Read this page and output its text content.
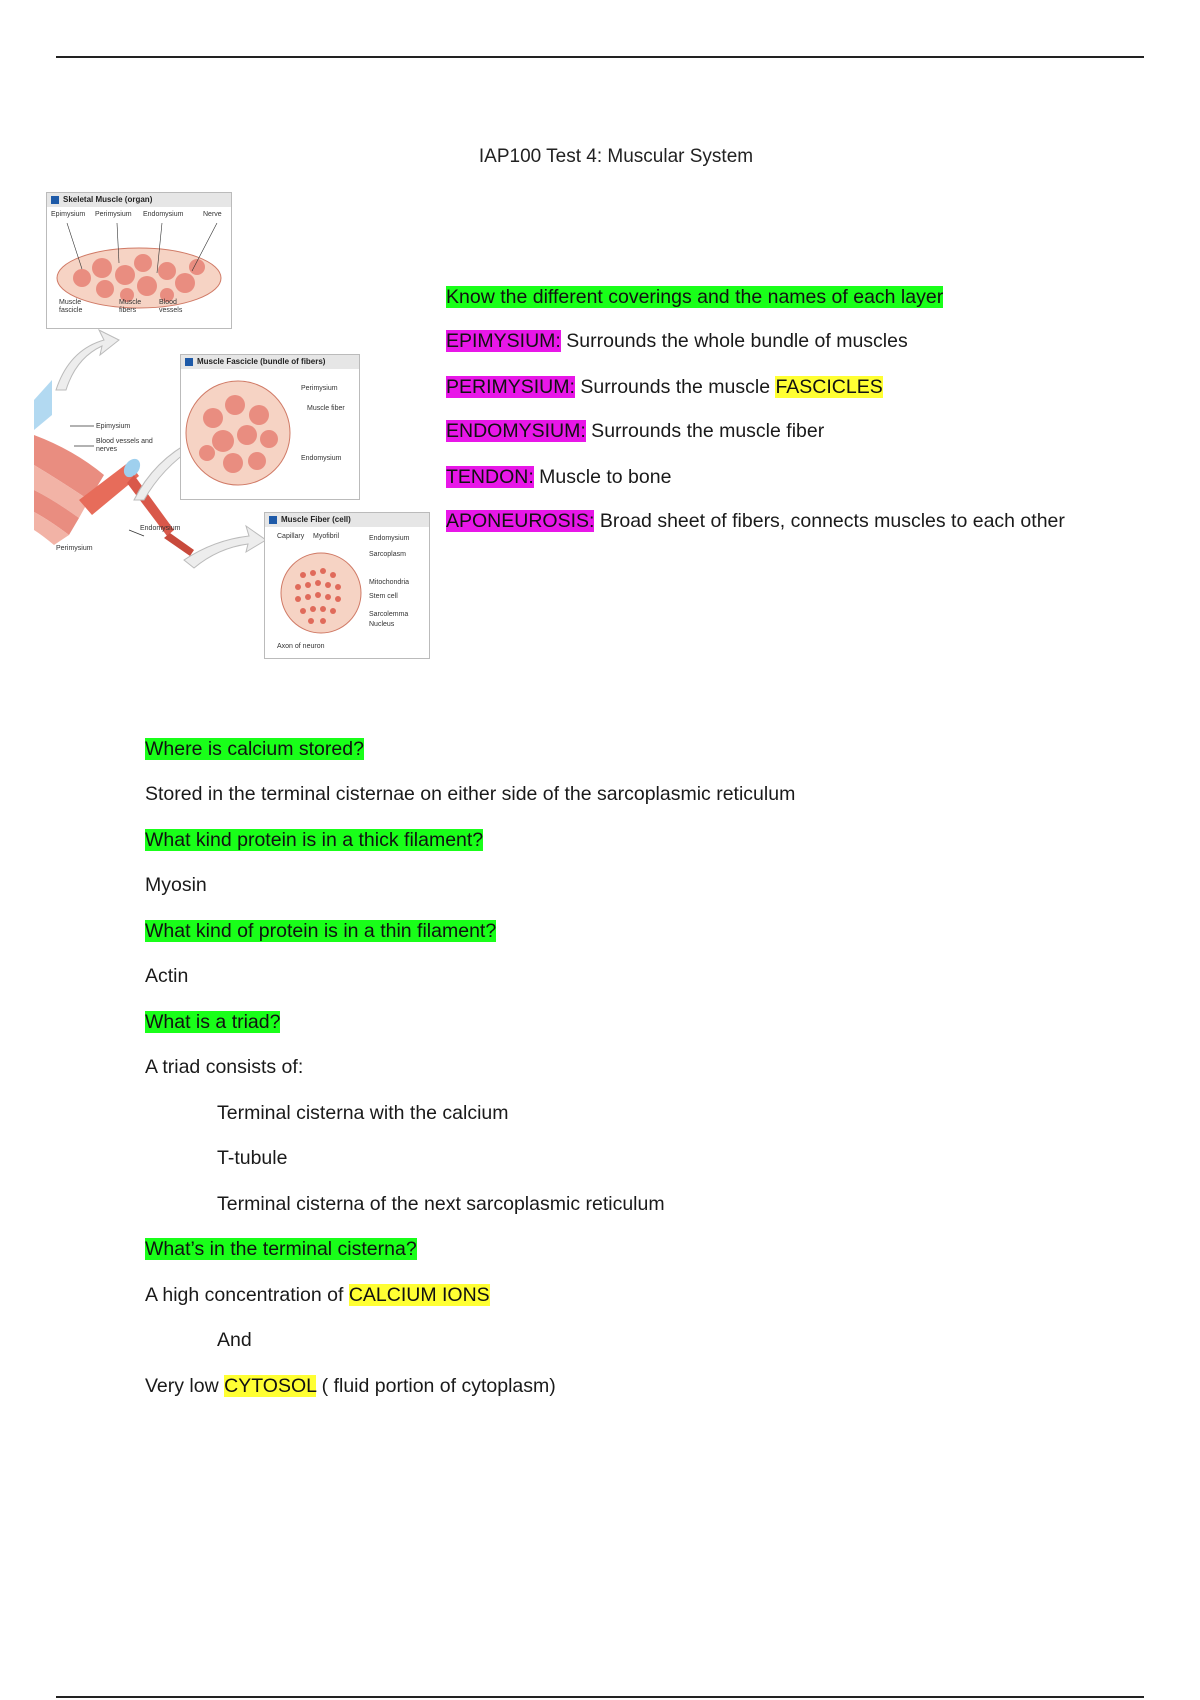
IAP100 Test 4: Muscular System
Epimysium
Blood vessels and nerves
Endomysium
Perimysium
Skeletal Muscle (organ)
Epimysium Perimysium Endomysium	Nerve
Muscle fascicle
Muscle fibers
Blood vessels
Muscle Fascicle (bundle of fibers)
Perimysium
Muscle fiber
Endomysium
Muscle Fiber (cell)
Capillary Myofibril	Endomysium
Sarcoplasm
Mitochondria
Stem cell
Sarcolemma
Nucleus
Axon of neuron
Know the different coverings and the names of each layer
EPIMYSIUM: Surrounds the whole bundle of muscles
PERIMYSIUM: Surrounds the muscle FASCICLES
ENDOMYSIUM: Surrounds the muscle fiber
TENDON: Muscle to bone
APONEUROSIS: Broad sheet of fibers, connects muscles to each other
Where is calcium stored?
Stored in the terminal cisternae on either side of the sarcoplasmic reticulum
What kind protein is in a thick filament?
Myosin
What kind of protein is in a thin filament?
Actin
What is a triad?
A triad consists of:
Terminal cisterna with the calcium
T-tubule
Terminal cisterna of the next sarcoplasmic reticulum
What’s in the terminal cisterna?
A high concentration of CALCIUM IONS
And
Very low CYTOSOL ( fluid portion of cytoplasm)
